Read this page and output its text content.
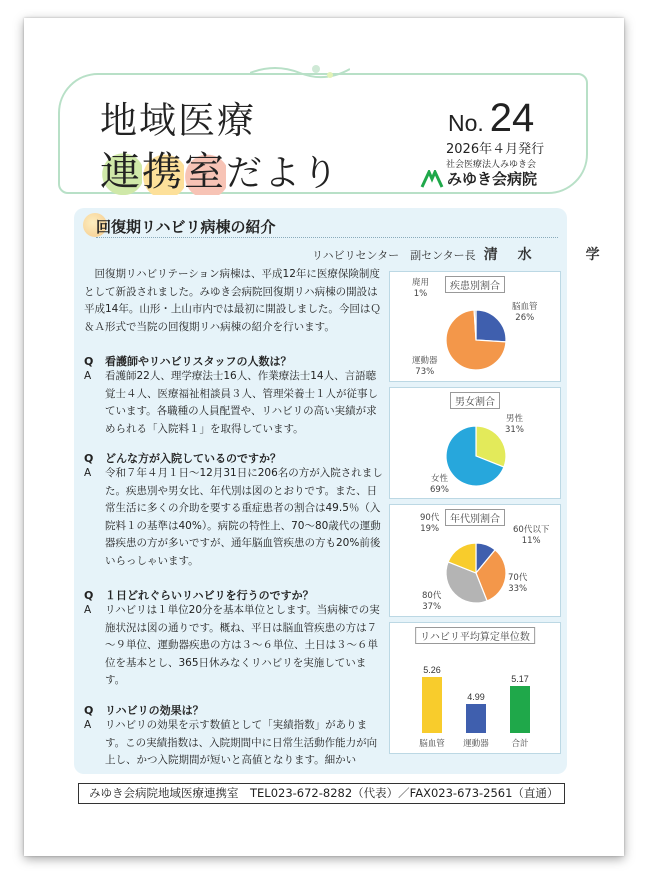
地域医療
連携室だより
No. 24
2026年４月発行
社会医療法人みゆき会
みゆき会病院
回復期リハビリ病棟の紹介
リハビリセンター　副センター長 清水　学
回復期リハビリテーション病棟は、平成12年に医療保険制度として新設されました。みゆき会病院回復期リハ病棟の開設は平成14年。山形・上山市内では最初に開設しました。今回はＱ＆Ａ形式で当院の回復期リハ病棟の紹介を行います。
Q 看護師やリハビリスタッフの人数は？
A 看護師22人、理学療法士16人、作業療法士14人、言語聴覚士４人、医療福祉相談員３人、管理栄養士１人が従事しています。各職種の人員配置や、リハビリの高い実績が求められる「入院料１」を取得しています。
Q どんな方が入院しているのですか？
A 令和７年４月１日～12月31日に206名の方が入院されました。疾患別や男女比、年代別は図のとおりです。また、日常生活に多くの介助を要する重症患者の割合は49.5％（入院料１の基準は40%）。病院の特性上、70～80歳代の運動器疾患の方が多いですが、通年脳血管疾患の方も20%前後いらっしゃいます。
Q １日どれぐらいリハビリを行うのですか？
A リハビリは１単位20分を基本単位とします。当病棟での実施状況は図の通りです。概ね、平日は脳血管疾患の方は７～９単位、運動器疾患の方は３～６単位、土日は３～６単位を基本とし、365日休みなくリハビリを実施しています。
Q リハビリの効果は？
A リハビリの効果を示す数値として「実績指数」があります。この実績指数は、入院期間中に日常生活動作能力が向上し、かつ入院期間が短いと高値となります。細かい
疾患別割合
廃用
1%
脳血管
26%
運動器
73%
男女割合
男性
31%
女性
69%
年代別割合
90代
19%	60代以下
11%
70代
33%
80代
37%
5.26
脳血管
4.99
運動器
5.17
合計
リハビリ平均算定単位数
みゆき会病院地域医療連携室　TEL023-672-8282（代表）／FAX023-673-2561（直通）
